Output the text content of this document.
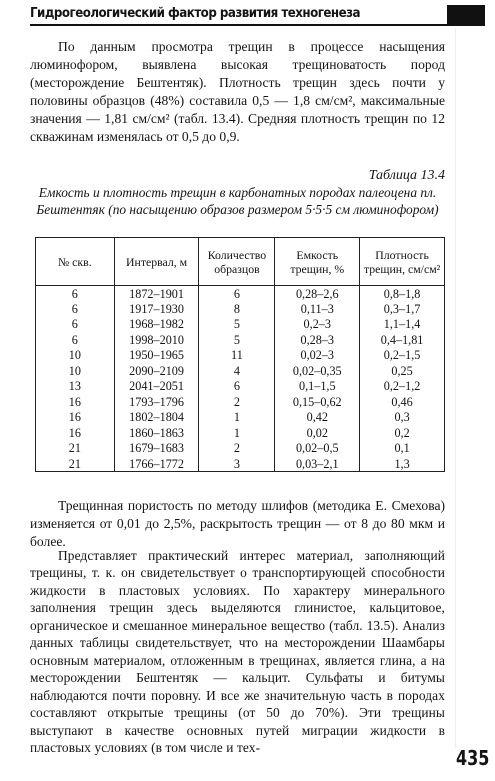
Гидрогеологический фактор развития техногенеза

По данным просмотра трещин в процессе насыщения люминофором, выявлена высокая трещиноватость пород (месторождение Бештентяк). Плотность трещин здесь почти у половины образцов (48%) составила 0,5 — 1,8 см/см², максимальные значения — 1,81 см/см² (табл. 13.4). Средняя плотность трещин по 12 скважинам изменялась от 0,5 до 0,9.

Таблица 13.4
Емкость и плотность трещин в карбонатных породах палеоцена пл. Бештентяк (по насыщению образов размером 5·5·5 см люминофором)
№ скв.	Интервал, м	Количество образцов	Емкость трещин, %	Плотность трещин, см/см²
6	1872–1901	6	0,28–2,6	0,8–1,8
6	1917–1930	8	0,11–3	0,3–1,7
6	1968–1982	5	0,2–3	1,1–1,4
6	1998–2010	5	0,28–3	0,4–1,81
10	1950–1965	11	0,02–3	0,2–1,5
10	2090–2109	4	0,02–0,35	0,25
13	2041–2051	6	0,1–1,5	0,2–1,2
16	1793–1796	2	0,15–0,62	0,46
16	1802–1804	1	0,42	0,3
16	1860–1863	1	0,02	0,2
21	1679–1683	2	0,02–0,5	0,1
21	1766–1772	3	0,03–2,1	1,3

Трещинная пористость по методу шлифов (методика Е. Смехова) изменяется от 0,01 до 2,5%, раскрытость трещин — от 8 до 80 мкм и более.

Представляет практический интерес материал, заполняющий трещины, т. к. он свидетельствует о транспортирующей способности жидкости в пластовых условиях. По характеру минерального заполнения трещин здесь выделяются глинистое, кальцитовое, органическое и смешанное минеральное вещество (табл. 13.5). Анализ данных таблицы свидетельствует, что на месторождении Шаамбары основным материалом, отложенным в трещинах, является глина, а на месторождении Бештентяк — кальцит. Сульфаты и битумы наблюдаются почти поровну. И все же значительную часть в породах составляют открытые трещины (от 50 до 70%). Эти трещины выступают в качестве основных путей миграции жидкости в пластовых условиях (в том числе и тех-	435
